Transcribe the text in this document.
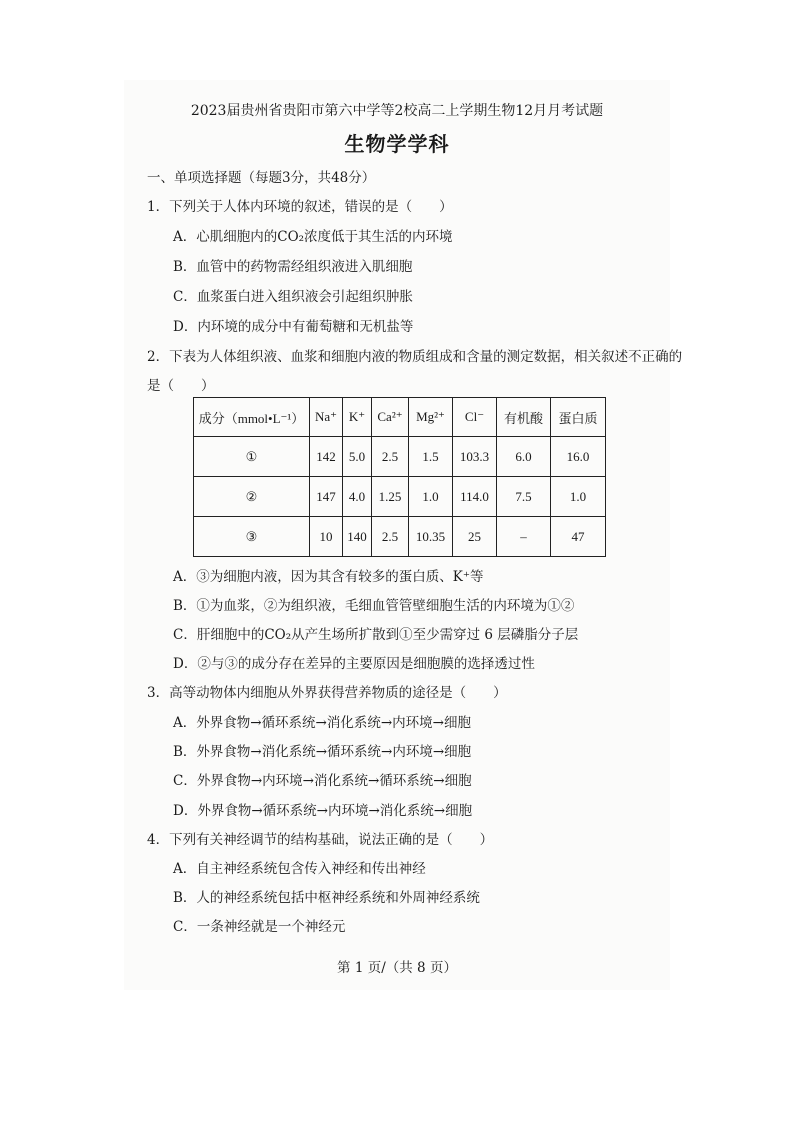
2023届贵州省贵阳市第六中学等2校高二上学期生物12月月考试题
生物学学科
一、单项选择题（每题3分，共48分）
1．下列关于人体内环境的叙述，错误的是（　　）
A．心肌细胞内的CO₂浓度低于其生活的内环境
B．血管中的药物需经组织液进入肌细胞
C．血浆蛋白进入组织液会引起组织肿胀
D．内环境的成分中有葡萄糖和无机盐等
2．下表为人体组织液、血浆和细胞内液的物质组成和含量的测定数据，相关叙述不正确的
是（　　）
成分（mmol•L⁻¹）	Na⁺	K⁺	Ca²⁺	Mg²⁺	Cl⁻	有机酸	蛋白质
①	142	5.0	2.5	1.5	103.3	6.0	16.0
②	147	4.0	1.25	1.0	114.0	7.5	1.0
③	10	140	2.5	10.35	25	–	47
A．③为细胞内液，因为其含有较多的蛋白质、K⁺等
B．①为血浆，②为组织液，毛细血管管壁细胞生活的内环境为①②
C．肝细胞中的CO₂从产生场所扩散到①至少需穿过 6 层磷脂分子层
D．②与③的成分存在差异的主要原因是细胞膜的选择透过性
3．高等动物体内细胞从外界获得营养物质的途径是（　　）
A．外界食物→循环系统→消化系统→内环境→细胞
B．外界食物→消化系统→循环系统→内环境→细胞
C．外界食物→内环境→消化系统→循环系统→细胞
D．外界食物→循环系统→内环境→消化系统→细胞
4．下列有关神经调节的结构基础，说法正确的是（　　）
A．自主神经系统包含传入神经和传出神经
B．人的神经系统包括中枢神经系统和外周神经系统
C．一条神经就是一个神经元
第 1 页/（共 8 页）
